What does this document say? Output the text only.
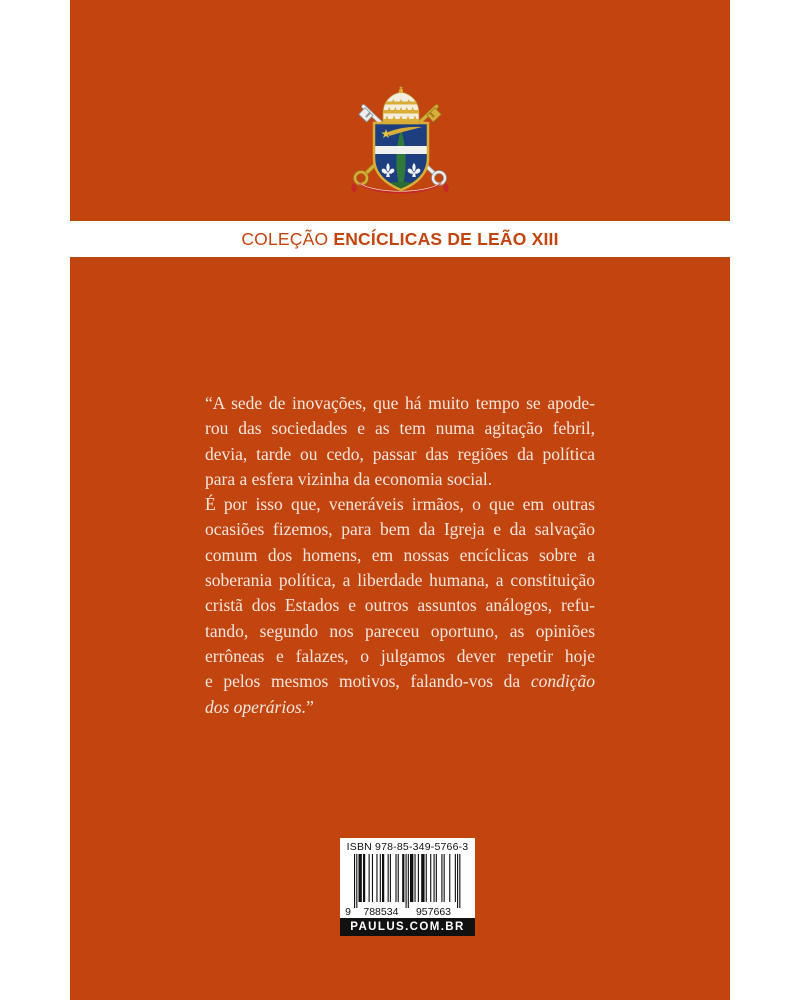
COLEÇÃO ENCÍCLICAS DE LEÃO XIII
“A sede de inovações, que há muito tempo se apode-
rou das sociedades e as tem numa agitação febril,
devia, tarde ou cedo, passar das regiões da política
para a esfera vizinha da economia social.
É por isso que, veneráveis irmãos, o que em outras
ocasiões fizemos, para bem da Igreja e da salvação
comum dos homens, em nossas encíclicas sobre a
soberania política, a liberdade humana, a constituição
cristã dos Estados e outros assuntos análogos, refu-
tando, segundo nos pareceu oportuno, as opiniões
errôneas e falazes, o julgamos dever repetir hoje
e pelos mesmos motivos, falando-vos da condição
dos operários.”
ISBN 978-85-349-5766-3
9 788534 957663
PAULUS.COM.BR
